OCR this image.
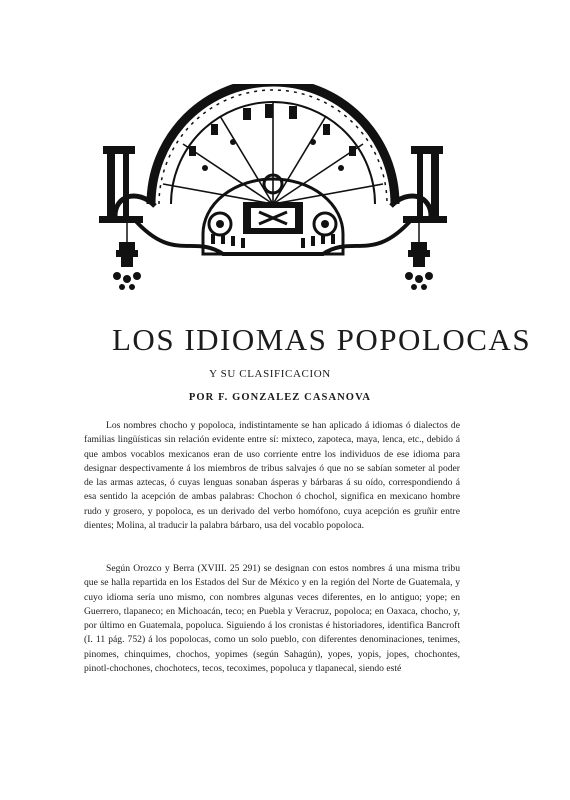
LOS IDIOMAS POPOLOCAS
Y SU CLASIFICACION
POR F. GONZALEZ CASANOVA

Los nombres chocho y popoloca, indistintamente se han aplicado á idiomas ó dialectos de familias lingüísticas sin relación evidente entre sí: mixteco, zapoteca, maya, lenca, etc., debido á que ambos vocablos mexicanos eran de uso corriente entre los individuos de ese idioma para designar despectivamente á los miembros de tribus salvajes ó que no se sabían someter al poder de las armas aztecas, ó cuyas lenguas sonaban ásperas y bárbaras á su oído, correspondiendo á esa sentido la acepción de ambas palabras: Chochon ó chochol, significa en mexicano hombre rudo y grosero, y popoloca, es un derivado del verbo homófono, cuya acepción es gruñir entre dientes; Molina, al traducir la palabra bárbaro, usa del vocablo popoloca.

Según Orozco y Berra (XVIII. 25 291) se designan con estos nombres á una misma tribu que se halla repartida en los Estados del Sur de México y en la región del Norte de Guatemala, y cuyo idioma sería uno mismo, con nombres algunas veces diferentes, en lo antiguo; yope; en Guerrero, tlapaneco; en Michoacán, teco; en Puebla y Veracruz, popoloca; en Oaxaca, chocho, y, por último en Guatemala, popoluca. Siguiendo á los cronistas é historiadores, identifica Bancroft (I. 11 pág. 752) á los popolocas, como un solo pueblo, con diferentes denominaciones, tenimes, pinomes, chinquimes, chochos, yopimes (según Sahagún), yopes, yopis, jopes, chochontes, pinotl-chochones, chochotecs, tecos, tecoximes, popoluca y tlapanecal, siendo esté
